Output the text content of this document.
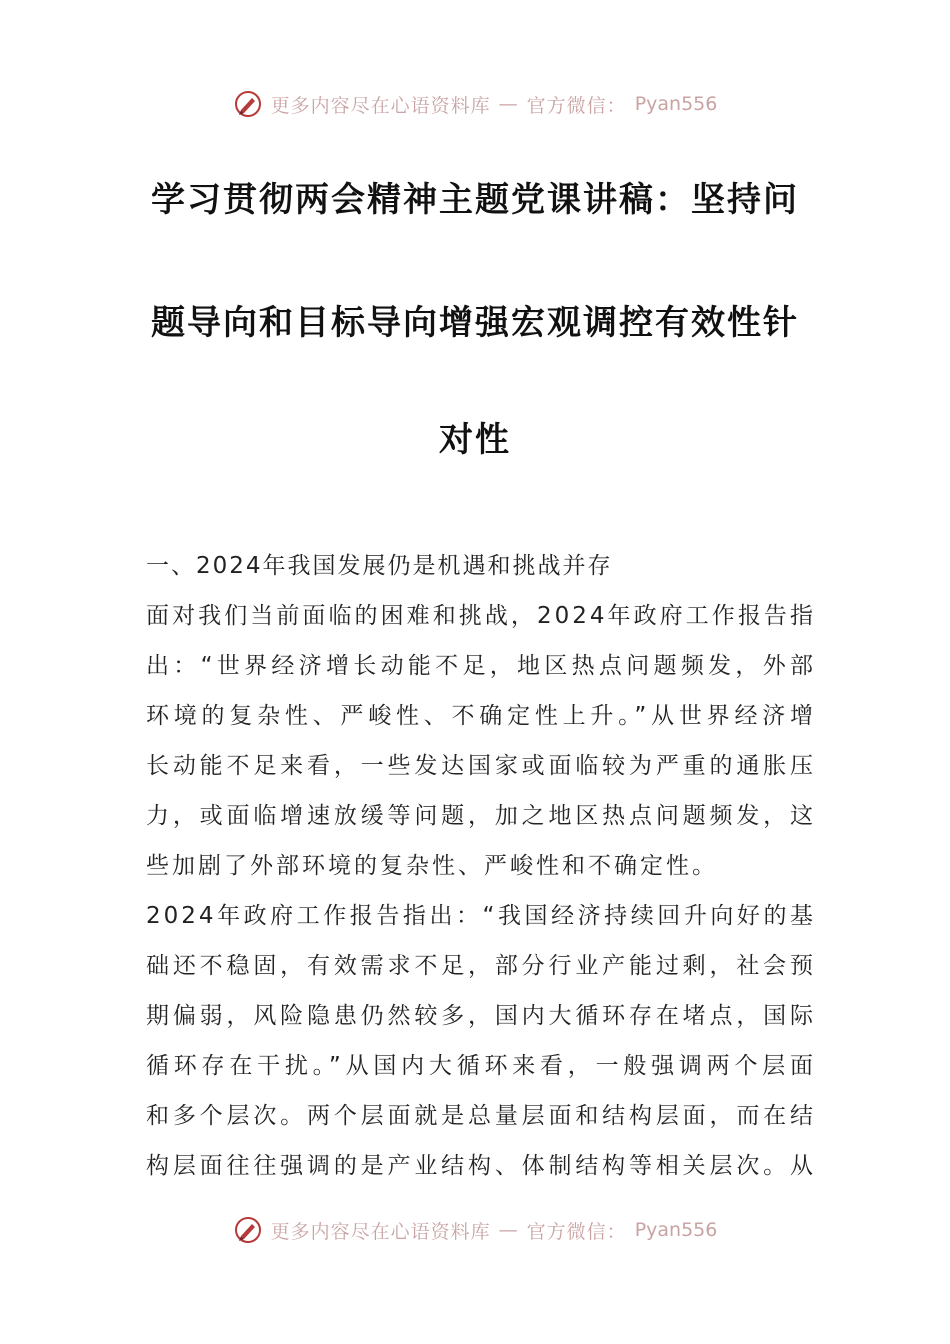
更多内容尽在心语资料库 — 官方微信： Pyan556
学习贯彻两会精神主题党课讲稿：坚持问
题导向和目标导向增强宏观调控有效性针
对性
一、2024年我国发展仍是机遇和挑战并存
面对我们当前面临的困难和挑战，2024年政府工作报告指
出：“世界经济增长动能不足，地区热点问题频发，外部
环境的复杂性、严峻性、不确定性上升。”从世界经济增
长动能不足来看，一些发达国家或面临较为严重的通胀压
力，或面临增速放缓等问题，加之地区热点问题频发，这
些加剧了外部环境的复杂性、严峻性和不确定性。
2024年政府工作报告指出：“我国经济持续回升向好的基
础还不稳固，有效需求不足，部分行业产能过剩，社会预
期偏弱，风险隐患仍然较多，国内大循环存在堵点，国际
循环存在干扰。”从国内大循环来看，一般强调两个层面
和多个层次。两个层面就是总量层面和结构层面，而在结
构层面往往强调的是产业结构、体制结构等相关层次。从
更多内容尽在心语资料库 — 官方微信： Pyan556
